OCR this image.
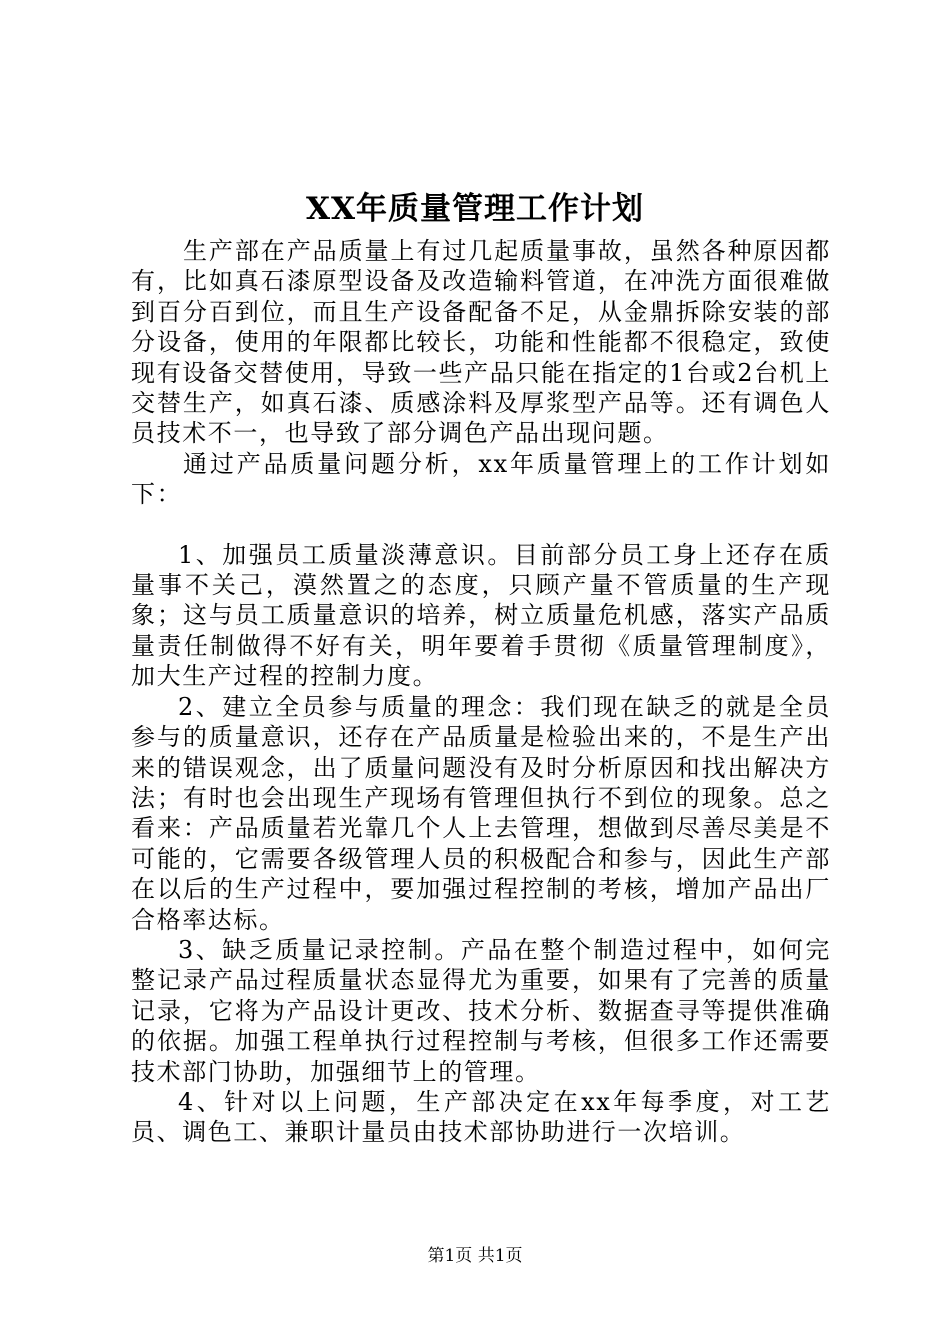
XX年质量管理工作计划

生产部在产品质量上有过几起质量事故，虽然各种原因都有，比如真石漆原型设备及改造输料管道，在冲洗方面很难做到百分百到位，而且生产设备配备不足，从金鼎拆除安装的部分设备，使用的年限都比较长，功能和性能都不很稳定，致使现有设备交替使用，导致一些产品只能在指定的1台或2台机上交替生产，如真石漆、质感涂料及厚浆型产品等。还有调色人员技术不一，也导致了部分调色产品出现问题。

通过产品质量问题分析，xx年质量管理上的工作计划如下：

1、加强员工质量淡薄意识。目前部分员工身上还存在质量事不关己，漠然置之的态度，只顾产量不管质量的生产现象；这与员工质量意识的培养，树立质量危机感，落实产品质量责任制做得不好有关，明年要着手贯彻《质量管理制度》，加大生产过程的控制力度。

2、建立全员参与质量的理念：我们现在缺乏的就是全员参与的质量意识，还存在产品质量是检验出来的，不是生产出来的错误观念，出了质量问题没有及时分析原因和找出解决方法；有时也会出现生产现场有管理但执行不到位的现象。总之看来：产品质量若光靠几个人上去管理，想做到尽善尽美是不可能的，它需要各级管理人员的积极配合和参与，因此生产部在以后的生产过程中，要加强过程控制的考核，增加产品出厂合格率达标。

3、缺乏质量记录控制。产品在整个制造过程中，如何完整记录产品过程质量状态显得尤为重要，如果有了完善的质量记录，它将为产品设计更改、技术分析、数据查寻等提供准确的依据。加强工程单执行过程控制与考核，但很多工作还需要技术部门协助，加强细节上的管理。

4、针对以上问题，生产部决定在xx年每季度，对工艺员、调色工、兼职计量员由技术部协助进行一次培训。

第1页 共1页
